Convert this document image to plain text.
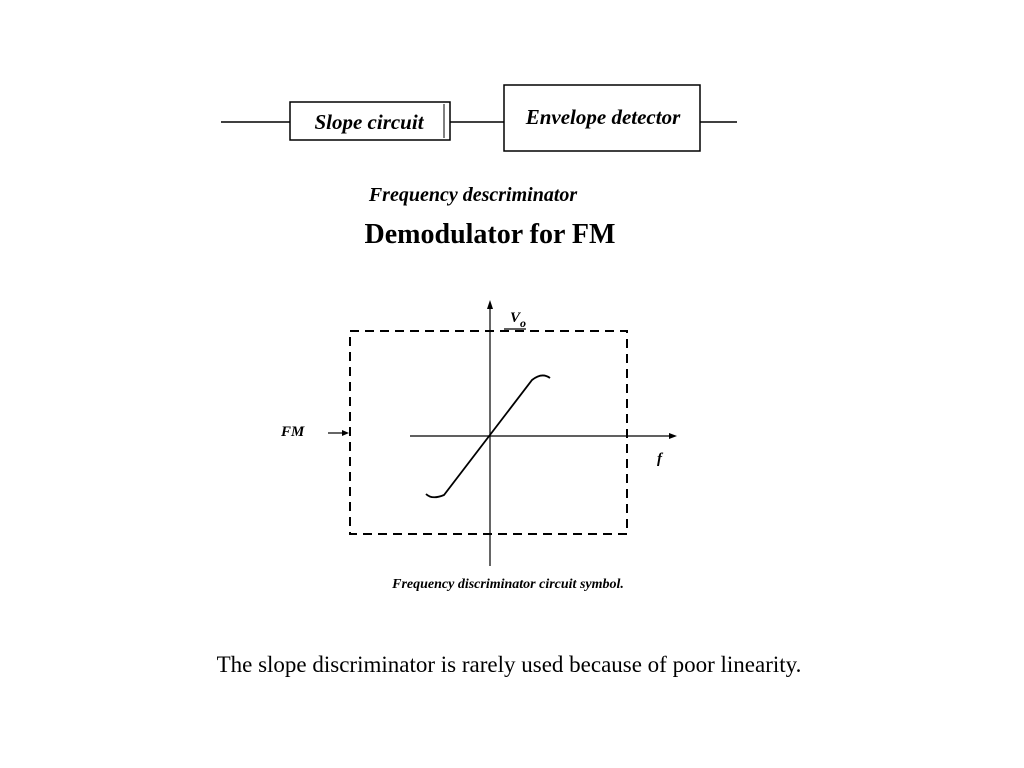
Slope circuit	Envelope detector
Frequency descriminator
Demodulator for FM
$V_o$
f
FM
Frequency discriminator circuit symbol.
The slope discriminator is rarely used because of poor linearity.
